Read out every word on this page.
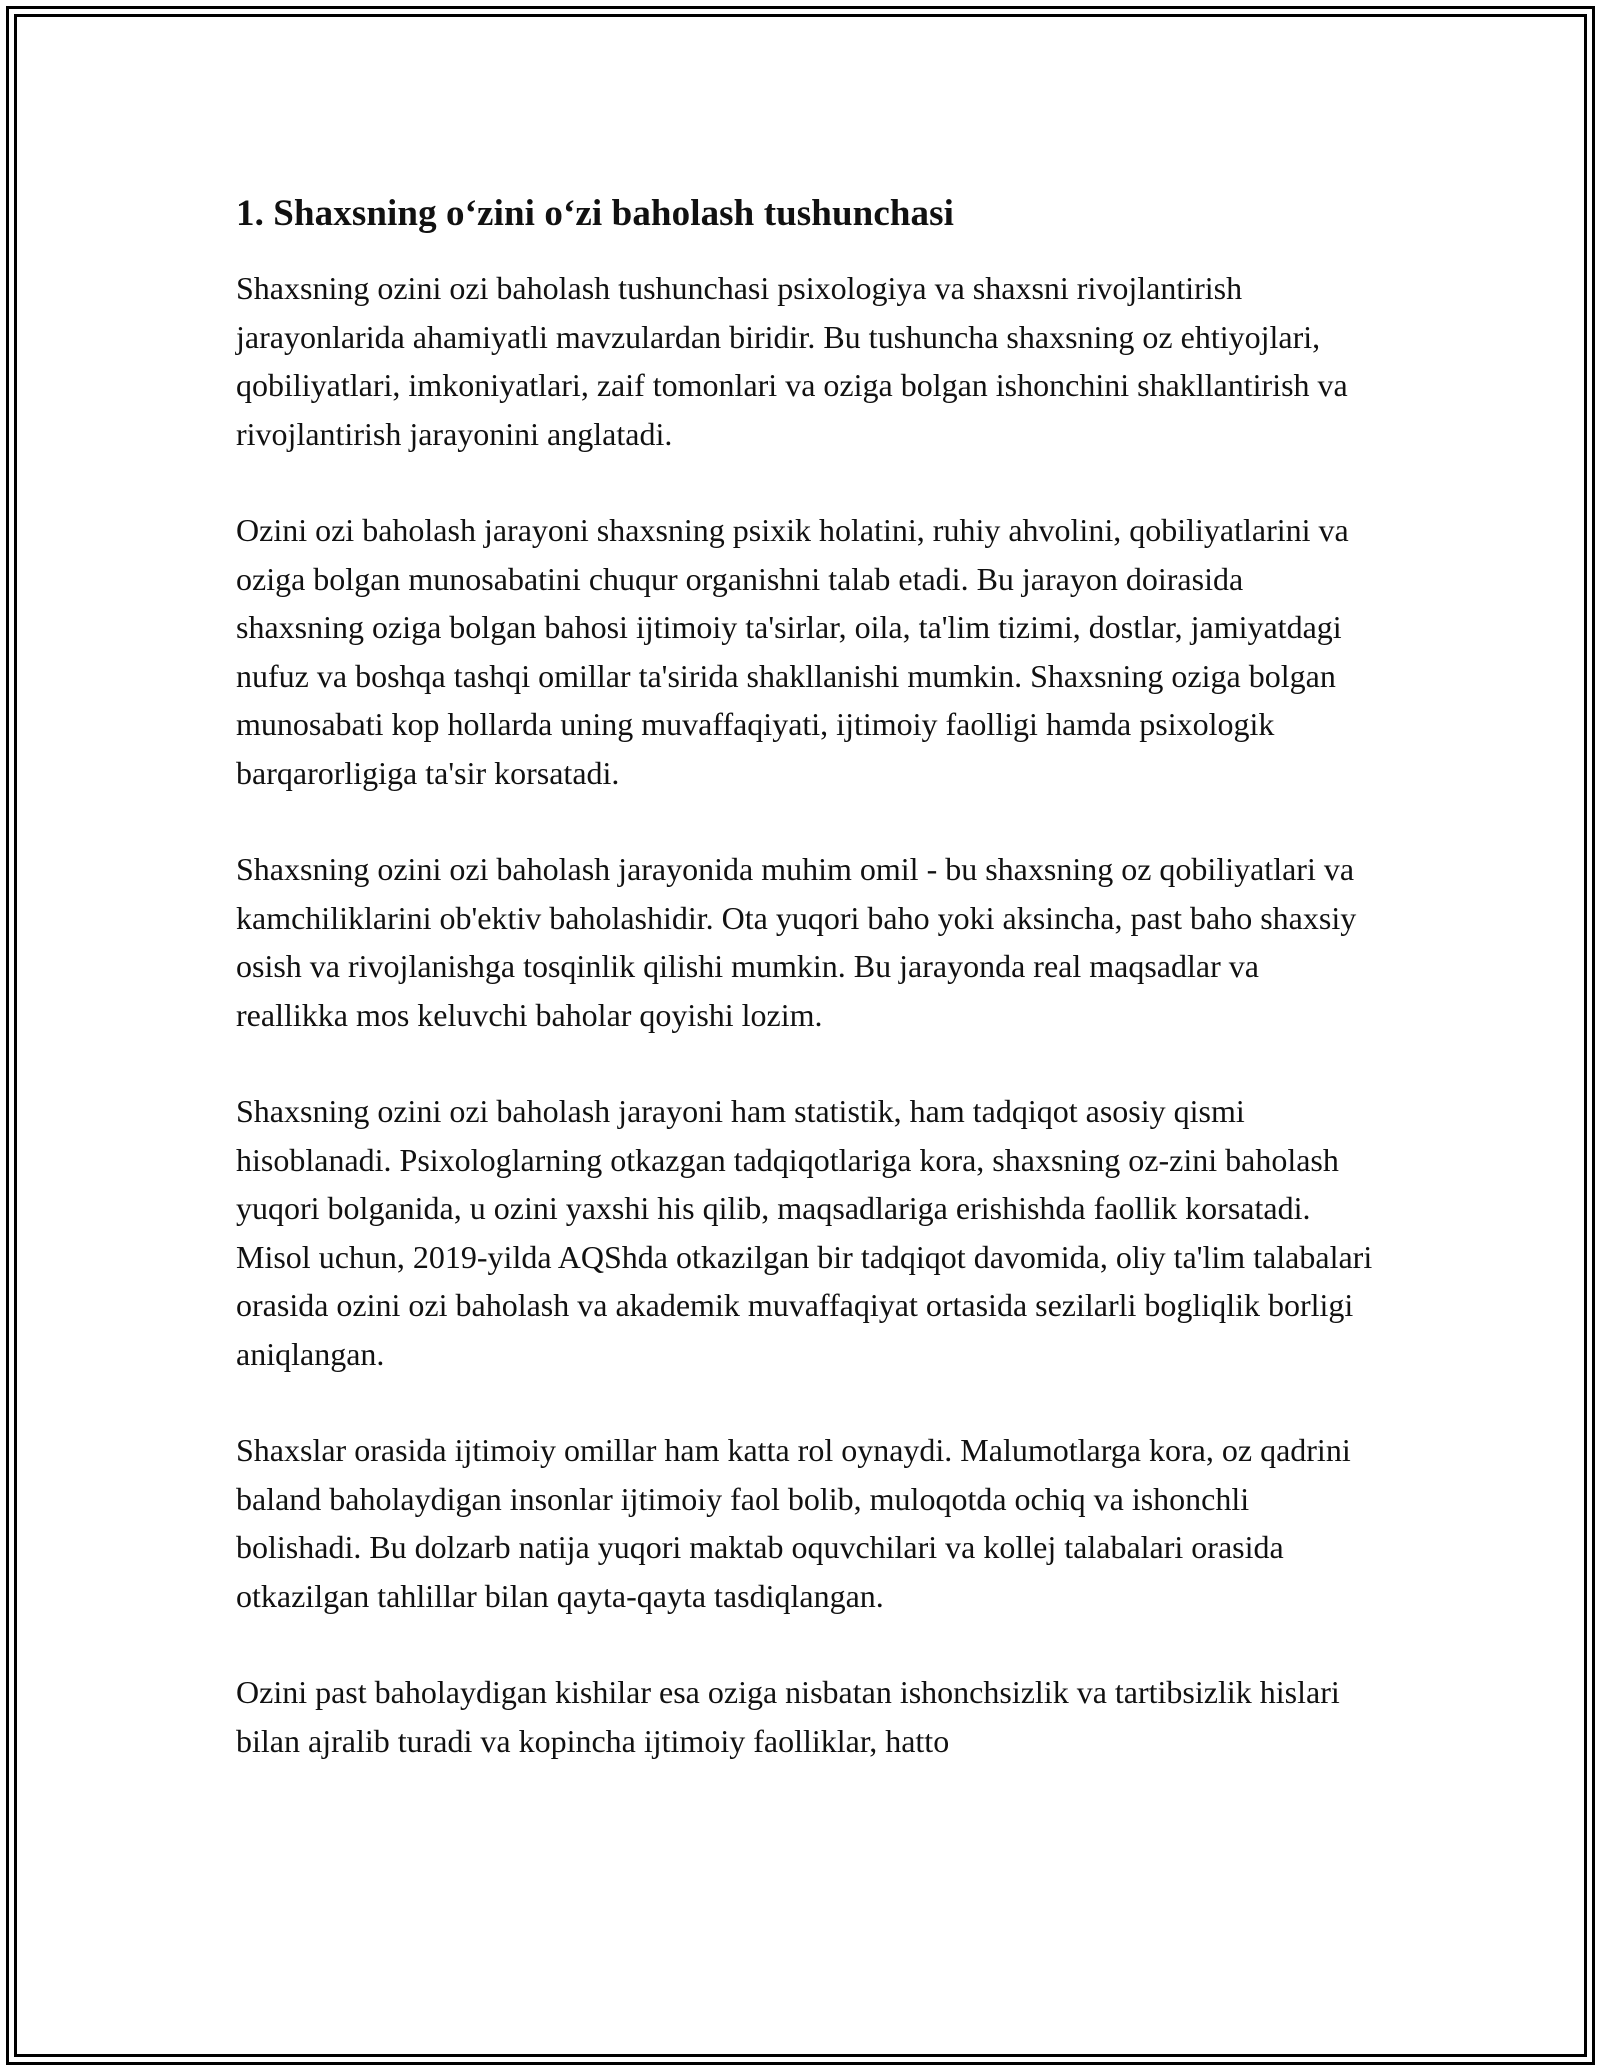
1. Shaxsning o‘zini o‘zi baholash tushunchasi

Shaxsning ozini ozi baholash tushunchasi psixologiya va shaxsni rivojlantirish jarayonlarida ahamiyatli mavzulardan biridir. Bu tushuncha shaxsning oz ehtiyojlari, qobiliyatlari, imkoniyatlari, zaif tomonlari va oziga bolgan ishonchini shakllantirish va rivojlantirish jarayonini anglatadi.

Ozini ozi baholash jarayoni shaxsning psixik holatini, ruhiy ahvolini, qobiliyatlarini va oziga bolgan munosabatini chuqur organishni talab etadi. Bu jarayon doirasida shaxsning oziga bolgan bahosi ijtimoiy ta'sirlar, oila, ta'lim tizimi, dostlar, jamiyatdagi nufuz va boshqa tashqi omillar ta'sirida shakllanishi mumkin. Shaxsning oziga bolgan munosabati kop hollarda uning muvaffaqiyati, ijtimoiy faolligi hamda psixologik barqarorligiga ta'sir korsatadi.

Shaxsning ozini ozi baholash jarayonida muhim omil - bu shaxsning oz qobiliyatlari va kamchiliklarini ob'ektiv baholashidir. Ota yuqori baho yoki aksincha, past baho shaxsiy osish va rivojlanishga tosqinlik qilishi mumkin. Bu jarayonda real maqsadlar va reallikka mos keluvchi baholar qoyishi lozim.

Shaxsning ozini ozi baholash jarayoni ham statistik, ham tadqiqot asosiy qismi hisoblanadi. Psixologlarning otkazgan tadqiqotlariga kora, shaxsning oz-zini baholash yuqori bolganida, u ozini yaxshi his qilib, maqsadlariga erishishda faollik korsatadi. Misol uchun, 2019-yilda AQShda otkazilgan bir tadqiqot davomida, oliy ta'lim talabalari orasida ozini ozi baholash va akademik muvaffaqiyat ortasida sezilarli bogliqlik borligi aniqlangan.

Shaxslar orasida ijtimoiy omillar ham katta rol oynaydi. Malumotlarga kora, oz qadrini baland baholaydigan insonlar ijtimoiy faol bolib, muloqotda ochiq va ishonchli bolishadi. Bu dolzarb natija yuqori maktab oquvchilari va kollej talabalari orasida otkazilgan tahlillar bilan qayta-qayta tasdiqlangan.

Ozini past baholaydigan kishilar esa oziga nisbatan ishonchsizlik va tartibsizlik hislari bilan ajralib turadi va kopincha ijtimoiy faolliklar, hatto
